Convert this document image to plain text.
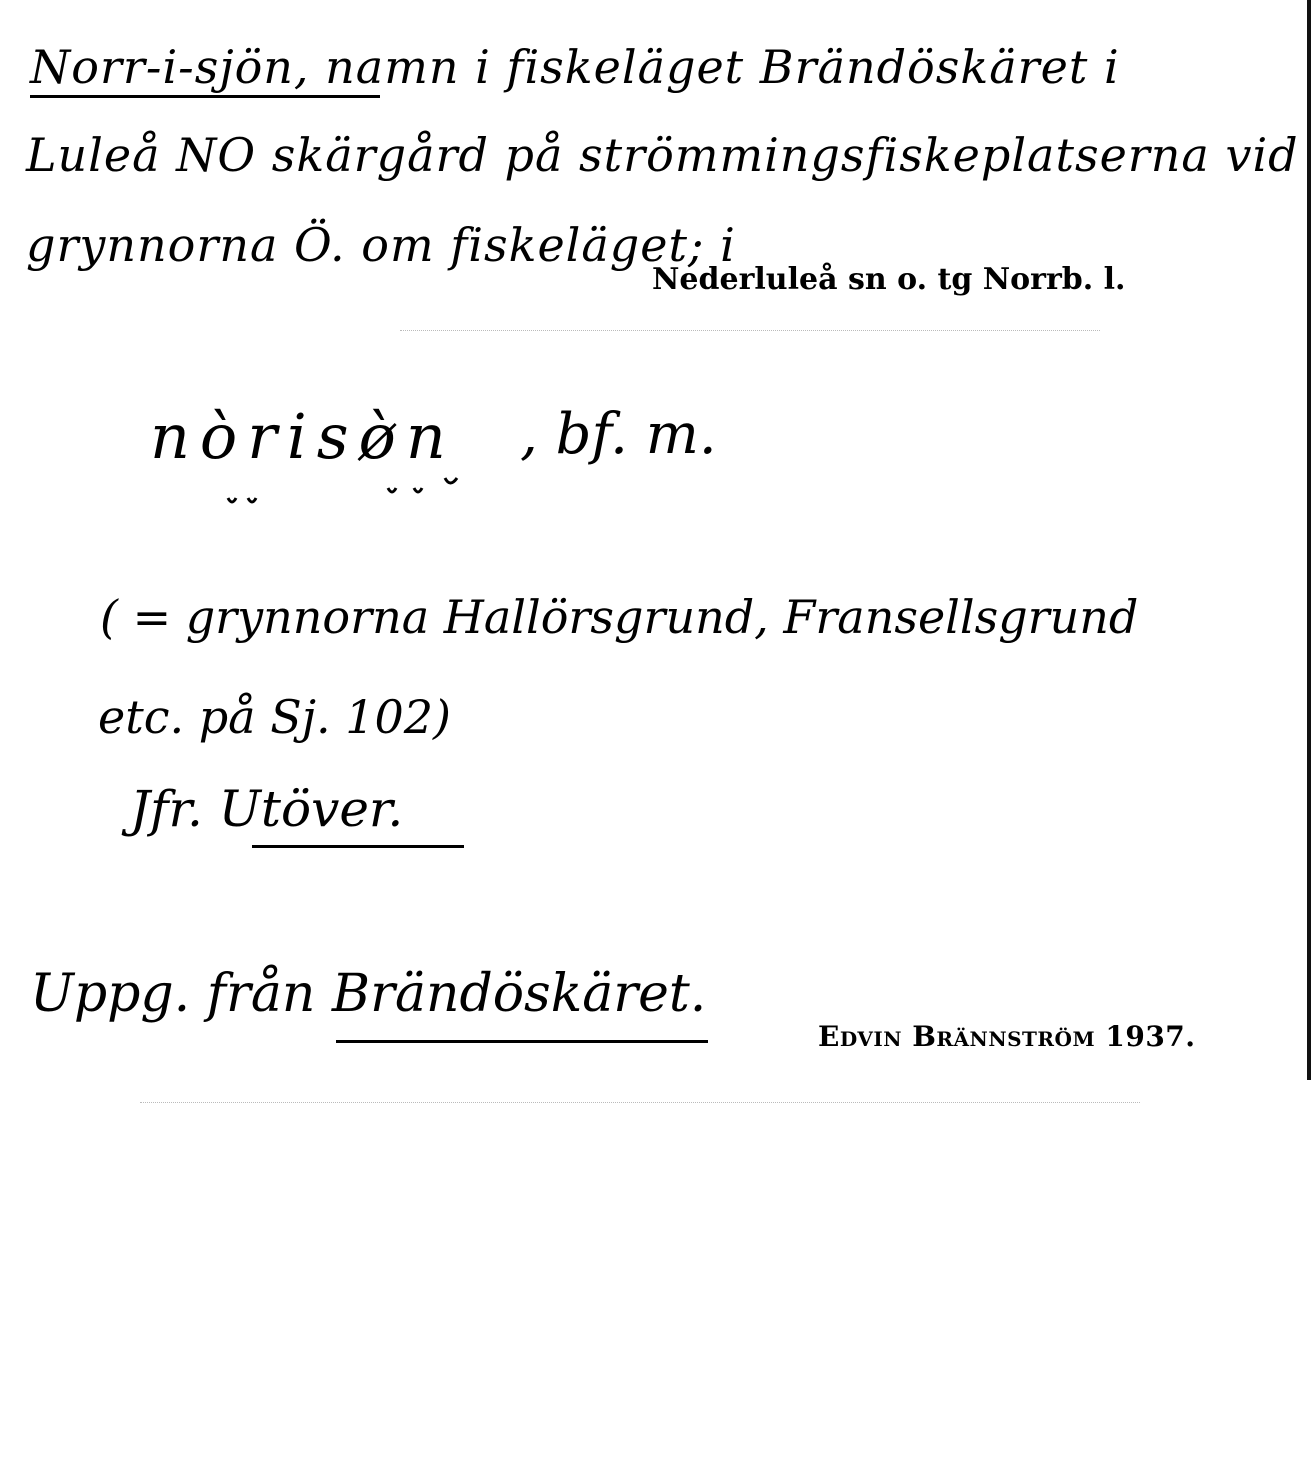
Norr-i-sjön, namn i fiskeläget Brändöskäret i
Luleå NO skärgård på strömmingsfiskeplatserna vid
grynnorna Ö. om fiskeläget; i
Nederluleå sn o. tg Norrb. l.
nòrisø̀n , bf. m.
( = grynnorna Hallörsgrund, Fransellsgrund
etc. på Sj. 102)
Jfr. Utöver.
Uppg. från Brändöskäret.
Edvin Brännström 1937.
